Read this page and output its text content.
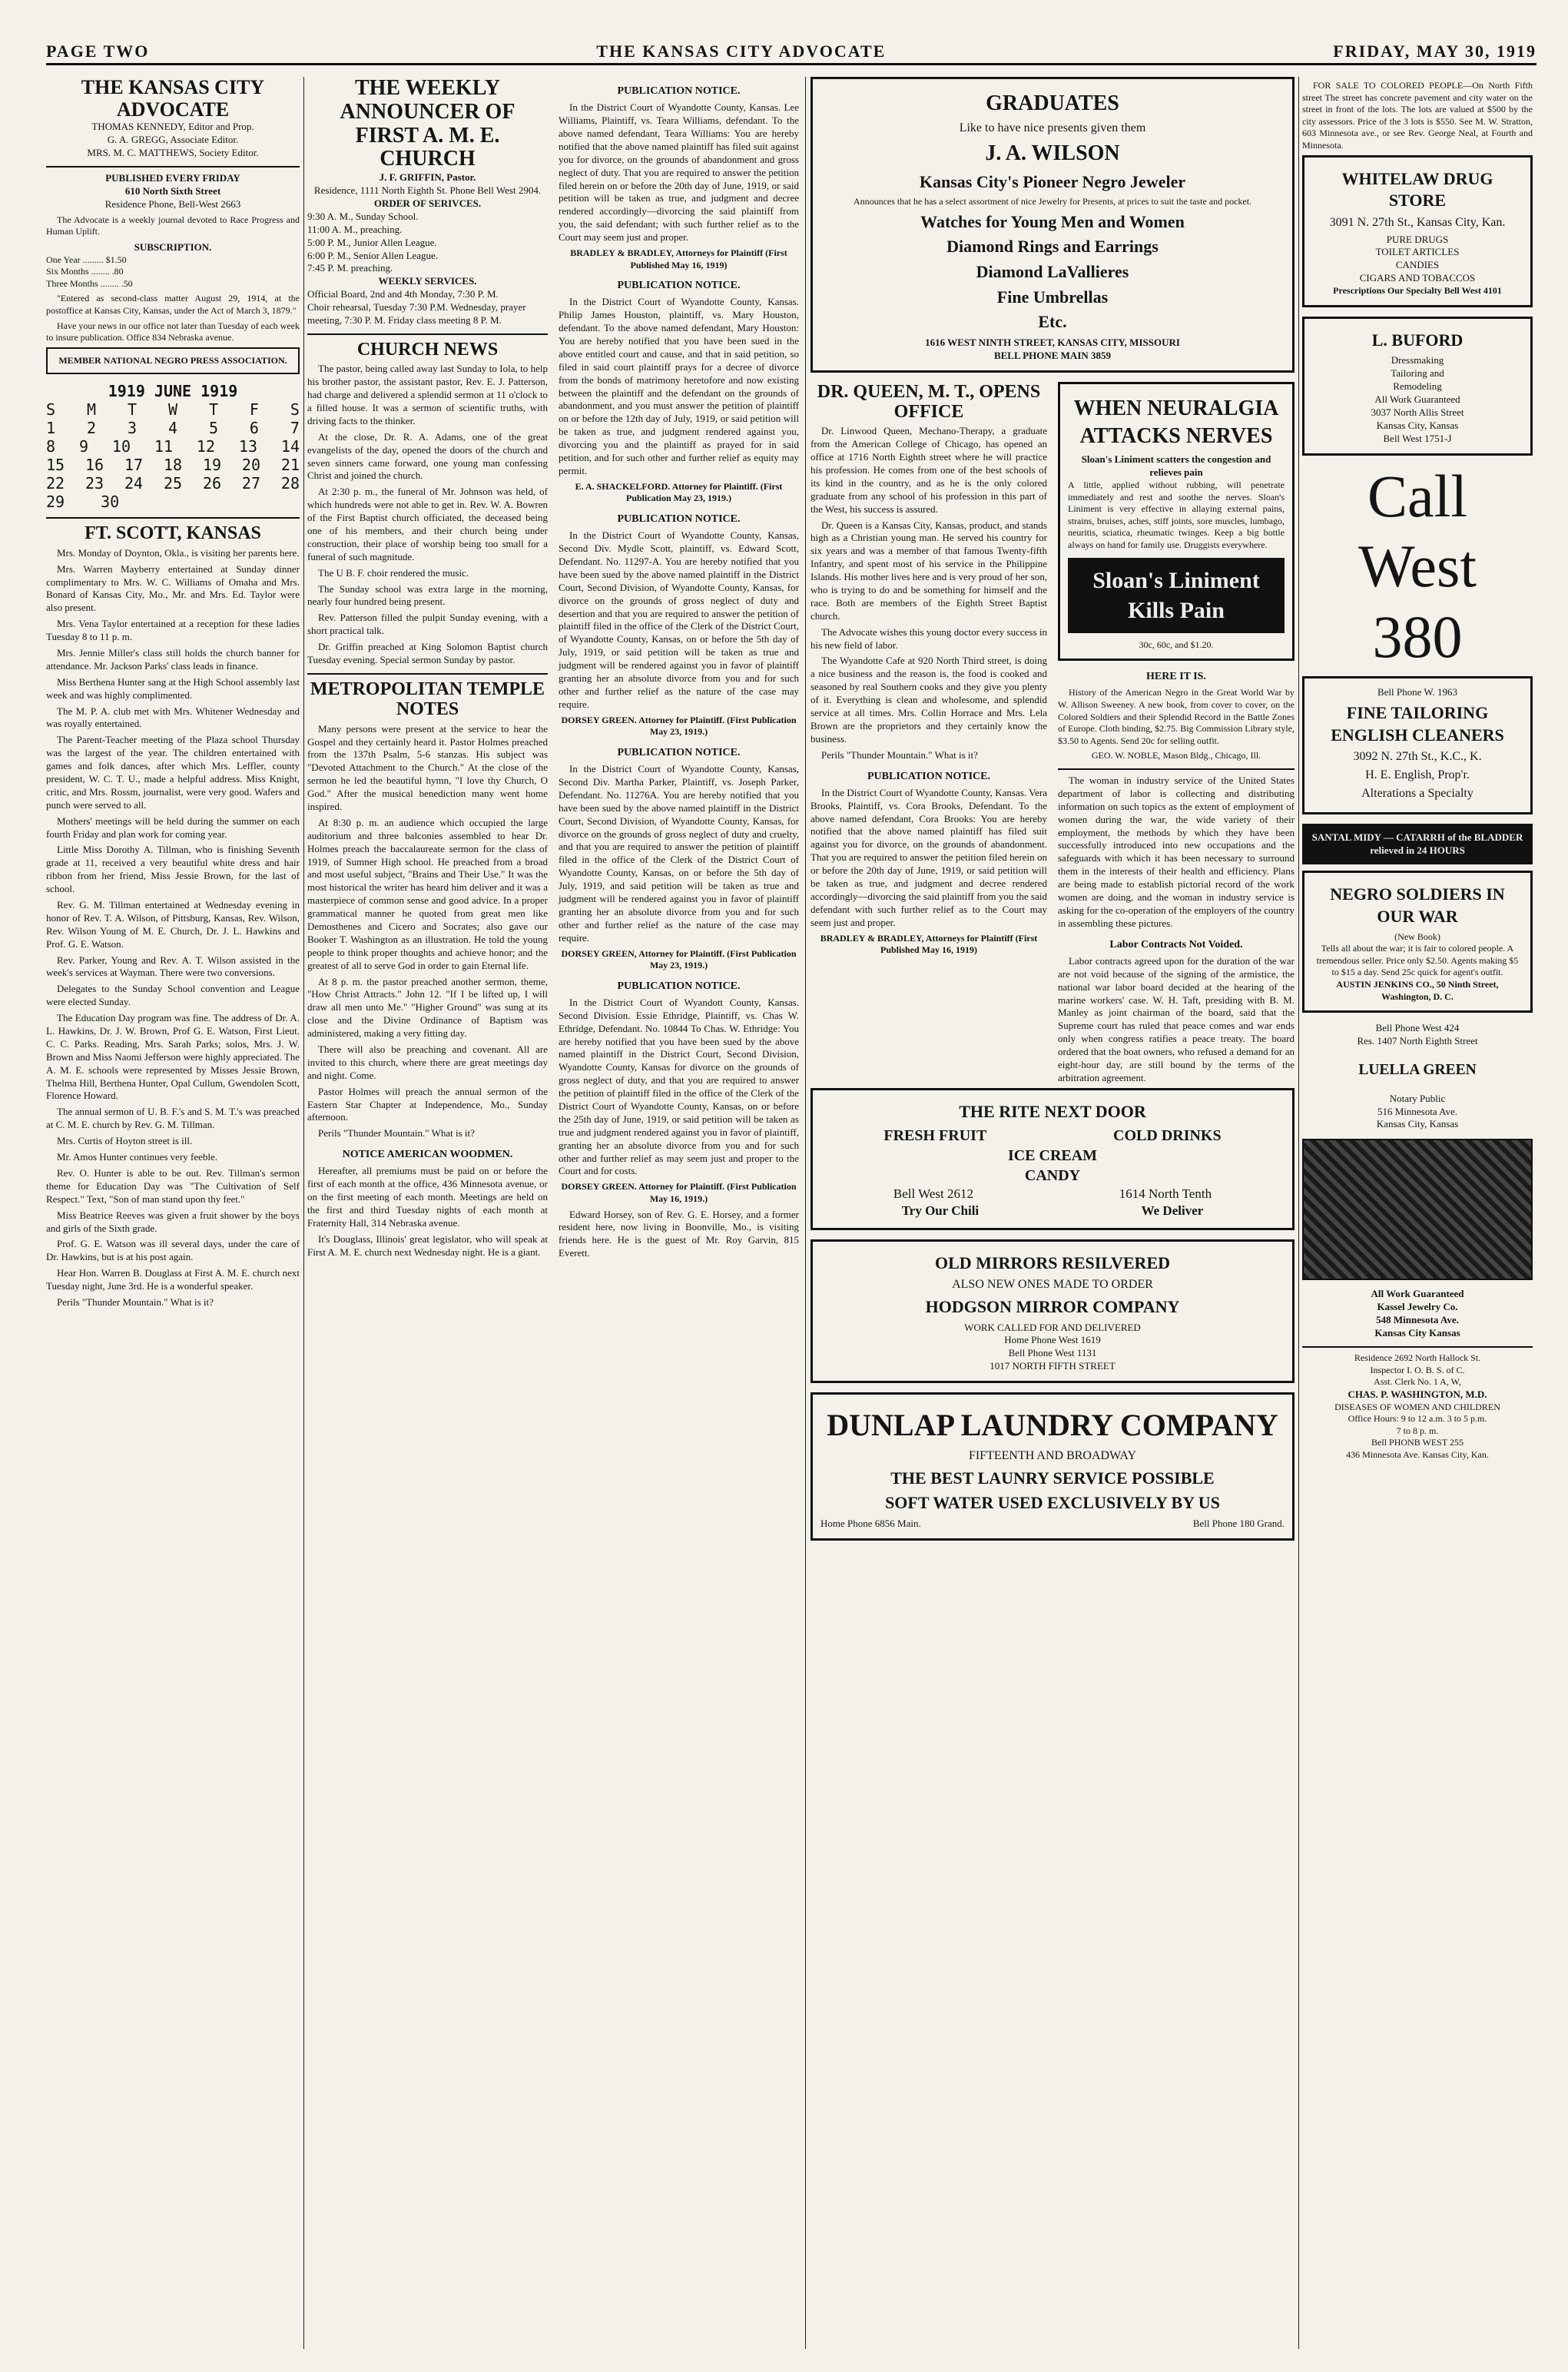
PAGE TWO	THE KANSAS CITY ADVOCATE	FRIDAY, MAY 30, 1919
THE KANSAS CITY ADVOCATE
THOMAS KENNEDY, Editor and Prop.
G. A. GREGG, Associate Editor.
MRS. M. C. MATTHEWS, Society Editor.
PUBLISHED EVERY FRIDAY
610 North Sixth Street
Residence Phone, Bell-West 2663

The Advocate is a weekly journal devoted to Race Progress and Human Uplift.

SUBSCRIPTION.
One Year ......... $1.50
Six Months ........ .80
Three Months ........ .50

"Entered as second-class matter August 29, 1914, at the postoffice at Kansas City, Kansas, under the Act of March 3, 1879."

Have your news in our office not later than Tuesday of each week to insure publication. Office 834 Nebraska avenue.

MEMBER NATIONAL NEGRO PRESS ASSOCIATION.
1919 JUNE 1919
S M T W T F S
1 2 3 4 5 6 7
8 9 10 11 12 13 14
15 16 17 18 19 20 21
22 23 24 25 26 27 28
29 30
FT. SCOTT, KANSAS

Mrs. Monday of Doynton, Okla., is visiting her parents here.

Mrs. Warren Mayberry entertained at Sunday dinner complimentary to Mrs. W. C. Williams of Omaha and Mrs. Bonard of Kansas City, Mo., Mr. and Mrs. Ed. Taylor were also present.

Mrs. Vena Taylor entertained at a reception for these ladies Tuesday 8 to 11 p. m.

Mrs. Jennie Miller's class still holds the church banner for attendance. Mr. Jackson Parks' class leads in finance.

Miss Berthena Hunter sang at the High School assembly last week and was highly complimented.

The M. P. A. club met with Mrs. Whitener Wednesday and was royally entertained.

The Parent-Teacher meeting of the Plaza school Thursday was the largest of the year. The children entertained with games and folk dances, after which Mrs. Leffler, county president, W. C. T. U., made a helpful address. Miss Knight, critic, and Mrs. Rossm, journalist, were very good. Wafers and punch were served to all.

Mothers' meetings will be held during the summer on each fourth Friday and plan work for coming year.

Little Miss Dorothy A. Tillman, who is finishing Seventh grade at 11, received a very beautiful white dress and hair ribbon from her friend, Miss Jessie Brown, for the last of school.

Rev. G. M. Tillman entertained at Wednesday evening in honor of Rev. T. A. Wilson, of Pittsburg, Kansas, Rev. Wilson, Rev. Wilson Young of M. E. Church, Dr. J. L. Hawkins and Prof. G. E. Watson.

Rev. Parker, Young and Rev. A. T. Wilson assisted in the week's services at Wayman. There were two conversions.

Delegates to the Sunday School convention and League were elected Sunday.

The Education Day program was fine. The address of Dr. A. L. Hawkins, Dr. J. W. Brown, Prof G. E. Watson, First Lieut. C. C. Parks. Reading, Mrs. Sarah Parks; solos, Mrs. J. W. Brown and Miss Naomi Jefferson were highly appreciated. The A. M. E. schools were represented by Misses Jessie Brown, Thelma Hill, Berthena Hunter, Opal Cullum, Gwendolen Scott, Florence Howard.

The annual sermon of U. B. F.'s and S. M. T.'s was preached at C. M. E. church by Rev. G. M. Tillman.

Mrs. Curtis of Hoyton street is ill.

Mr. Amos Hunter continues very feeble.

Rev. O. Hunter is able to be out. Rev. Tillman's sermon theme for Education Day was "The Cultivation of Self Respect." Text, "Son of man stand upon thy feet."

Miss Beatrice Reeves was given a fruit shower by the boys and girls of the Sixth grade.

Prof. G. E. Watson was ill several days, under the care of Dr. Hawkins, but is at his post again.

Hear Hon. Warren B. Douglass at First A. M. E. church next Tuesday night, June 3rd. He is a wonderful speaker.

Perils "Thunder Mountain." What is it?

THE WEEKLY ANNOUNCER OF FIRST A. M. E. CHURCH
J. F. GRIFFIN, Pastor.
Residence, 1111 North Eighth St. Phone Bell West 2904.
ORDER OF SERIVCES.
9:30 A. M., Sunday School.
11:00 A. M., preaching.
5:00 P. M., Junior Allen League.
6:00 P. M., Senior Allen League.
7:45 P. M. preaching.
WEEKLY SERVICES.
Official Board, 2nd and 4th Monday, 7:30 P. M.
Choir rehearsal, Tuesday 7:30 P.M. Wednesday, prayer meeting, 7:30 P. M. Friday class meeting 8 P. M.
CHURCH NEWS

The pastor, being called away last Sunday to Iola, to help his brother pastor, the assistant pastor, Rev. E. J. Patterson, had charge and delivered a splendid sermon at 11 o'clock to a filled house. It was a sermon of scientific truths, with driving facts to the thinker.

At the close, Dr. R. A. Adams, one of the great evangelists of the day, opened the doors of the church and seven sinners came forward, one young man confessing Christ and joined the church.

At 2:30 p. m., the funeral of Mr. Johnson was held, of which hundreds were not able to get in. Rev. W. A. Bowren of the First Baptist church officiated, the deceased being one of his members, and their church being under construction, their place of worship being too small for a funeral of such magnitude.

The U B. F. choir rendered the music.

The Sunday school was extra large in the morning, nearly four hundred being present.

Rev. Patterson filled the pulpit Sunday evening, with a short practical talk.

Dr. Griffin preached at King Solomon Baptist church Tuesday evening. Special sermon Sunday by pastor.

METROPOLITAN TEMPLE NOTES

Many persons were present at the service to hear the Gospel and they certainly heard it. Pastor Holmes preached from the 137th Psalm, 5-6 stanzas. His subject was "Devoted Attachment to the Church." At the close of the sermon he led the beautiful hymn, "I love thy Church, O God." After the musical benediction many went home inspired.

At 8:30 p. m. an audience which occupied the large auditorium and three balconies assembled to hear Dr. Holmes preach the baccalaureate sermon for the class of 1919, of Sumner High school. He preached from a broad and most useful subject, "Brains and Their Use." It was the most historical the writer has heard him deliver and it was a masterpiece of common sense and good advice. In a proper grammatical manner he quoted from great men like Demosthenes and Cicero and Socrates; also gave our Booker T. Washington as an illustration. He told the young people to think proper thoughts and achieve honor; and the greatest of all to serve God in order to gain Eternal life.

At 8 p. m. the pastor preached another sermon, theme, "How Christ Attracts." John 12. "If I be lifted up, I will draw all men unto Me." "Higher Ground" was sung at its close and the Divine Ordinance of Baptism was administered, making a very fitting day.

There will also be preaching and covenant. All are invited to this church, where there are great meetings day and night. Come.

Pastor Holmes will preach the annual sermon of the Eastern Star Chapter at Independence, Mo., Sunday afternoon.

Perils "Thunder Mountain." What is it?

NOTICE AMERICAN WOODMEN.

Hereafter, all premiums must be paid on or before the first of each month at the office, 436 Minnesota avenue, or on the first meeting of each month. Meetings are held on the first and third Tuesday nights of each month at Fraternity Hall, 314 Nebraska avenue.

It's Douglass, Illinois' great legislator, who will speak at First A. M. E. church next Wednesday night. He is a giant.

PUBLICATION NOTICE.

In the District Court of Wyandotte County, Kansas. Lee Williams, Plaintiff, vs. Teara Williams, defendant. To the above named defendant, Teara Williams: You are hereby notified that the above named plaintiff has filed suit against you for divorce, on the grounds of abandonment and gross neglect of duty. That you are required to answer the petition filed herein on or before the 20th day of June, 1919, or said petition will be taken as true, and judgment and decree rendered accordingly—divorcing the said plaintiff from you, the said defendant; with such further relief as to the Court may seem just and proper.

BRADLEY & BRADLEY, Attorneys for Plaintiff (First Published May 16, 1919)
PUBLICATION NOTICE.

In the District Court of Wyandotte County, Kansas. Philip James Houston, plaintiff, vs. Mary Houston, defendant. To the above named defendant, Mary Houston: You are hereby notified that you have been sued in the above entitled court and cause, and that in said petition, so filed in said court plaintiff prays for a decree of divorce from the bonds of matrimony heretofore and now existing between the plaintiff and the defendant on the grounds of abandonment, and you must answer the petition of plaintiff on or before the 12th day of July, 1919, or said petition will be taken as true, and judgment rendered against you, divorcing you and the plaintiff as prayed for in said petition, and for such other and further relief as equity may permit.

E. A. SHACKELFORD. Attorney for Plaintiff. (First Publication May 23, 1919.)
PUBLICATION NOTICE.

In the District Court of Wyandotte County, Kansas, Second Div. Mydle Scott, plaintiff, vs. Edward Scott, Defendant. No. 11297-A. You are hereby notified that you have been sued by the above named plaintiff in the District Court, Second Division, of Wyandotte County, Kansas, for divorce on the grounds of gross neglect of duty and desertion and that you are required to answer the petition of plaintiff filed in the office of the Clerk of the District Court, of Wyandotte County, Kansas, on or before the 5th day of July, 1919, or said petition will be taken as true and judgment will be rendered against you in favor of plaintiff granting her an absolute divorce from you and for such other and further relief as the nature of the case may require.

DORSEY GREEN. Attorney for Plaintiff. (First Publication May 23, 1919.)
PUBLICATION NOTICE.

In the District Court of Wyandotte County, Kansas, Second Div. Martha Parker, Plaintiff, vs. Joseph Parker, Defendant. No. 11276A. You are hereby notified that you have been sued by the above named plaintiff in the District Court, Second Division, of Wyandotte County, Kansas, for divorce on the grounds of gross neglect of duty and cruelty, and that you are required to answer the petition of plaintiff filed in the office of the Clerk of the District Court of Wyandotte County, Kansas, on or before the 5th day of July, 1919, and said petition will be taken as true and judgment will be rendered against you in favor of plaintiff granting her an absolute divorce from you and for such other and further relief as the nature of the case may require.

DORSEY GREEN, Attorney for Plaintiff. (First Publication May 23, 1919.)
PUBLICATION NOTICE.

In the District Court of Wyandott County, Kansas. Second Division. Essie Ethridge, Plaintiff, vs. Chas W. Ethridge, Defendant. No. 10844 To Chas. W. Ethridge: You are hereby notified that you have been sued by the above named plaintiff in the District Court, Second Division, Wyandotte County, Kansas for divorce on the grounds of gross neglect of duty, and that you are required to answer the petition of plaintiff filed in the office of the Clerk of the District Court of Wyandotte County, Kansas, on or before the 25th day of June, 1919, or said petition will be taken as true and judgment rendered against you in favor of plaintiff, granting her an absolute divorce from you and for such other and further relief as may seem just and proper to the Court and for costs.

DORSEY GREEN. Attorney for Plaintiff. (First Publication May 16, 1919.)

Edward Horsey, son of Rev. G. E. Horsey, and a former resident here, now living in Boonville, Mo., is visiting friends here. He is the guest of Mr. Roy Garvin, 815 Everett.

GRADUATES
Like to have nice presents given them
J. A. WILSON
Kansas City's Pioneer Negro Jeweler
Announces that he has a select assortment of nice Jewelry for Presents, at prices to suit the taste and pocket.
Watches for Young Men and Women
Diamond Rings and Earrings
Diamond LaVallieres
Fine Umbrellas
Etc.
1616 WEST NINTH STREET, KANSAS CITY, MISSOURI
BELL PHONE MAIN 3859
DR. QUEEN, M. T., OPENS OFFICE

Dr. Linwood Queen, Mechano-Therapy, a graduate from the American College of Chicago, has opened an office at 1716 North Eighth street where he will practice his profession. He comes from one of the best schools of its kind in the country, and as he is the only colored graduate from any school of his profession in this part of the West, his success is assured.

Dr. Queen is a Kansas City, Kansas, product, and stands high as a Christian young man. He served his country for six years and was a member of that famous Twenty-fifth Infantry, and spent most of his service in the Philippine Islands. His mother lives here and is very proud of her son, who is trying to do and be something for himself and the race. Both are members of the Eighth Street Baptist church.

The Advocate wishes this young doctor every success in his new field of labor.

The Wyandotte Cafe at 920 North Third street, is doing a nice business and the reason is, the food is cooked and seasoned by real Southern cooks and they give you plenty of it. Everything is clean and wholesome, and splendid service at all times. Mrs. Collin Horrace and Mrs. Lela Brown are the proprietors and they certainly know the business.

Perils "Thunder Mountain." What is it?

PUBLICATION NOTICE.

In the District Court of Wyandotte County, Kansas. Vera Brooks, Plaintiff, vs. Cora Brooks, Defendant. To the above named defendant, Cora Brooks: You are hereby notified that the above named plaintiff has filed suit against you for divorce, on the grounds of abandonment. That you are required to answer the petition filed herein on or before the 20th day of June, 1919, or said petition will be taken as true, and judgment and decree rendered accordingly—divorcing the said plaintiff from you the said defendant with such further relief as to the Court may seem just and proper.

BRADLEY & BRADLEY, Attorneys for Plaintiff (First Published May 16, 1919)
WHEN NEURALGIA ATTACKS NERVES
Sloan's Liniment scatters the congestion and relieves pain
A little, applied without rubbing, will penetrate immediately and rest and soothe the nerves. Sloan's Liniment is very effective in allaying external pains, strains, bruises, aches, stiff joints, sore muscles, lumbago, neuritis, sciatica, rheumatic twinges. Keep a big bottle always on hand for family use. Druggists everywhere.
Sloan's Liniment Kills Pain
30c, 60c, and $1.20.
HERE IT IS.

History of the American Negro in the Great World War by W. Allison Sweeney. A new book, from cover to cover, on the Colored Soldiers and their Splendid Record in the Battle Zones of Europe. Cloth binding, $2.75. Big Commission Library style, $3.50 to Agents. Send 20c for selling outfit.

GEO. W. NOBLE, Mason Bldg., Chicago, Ill.

The woman in industry service of the United States department of labor is collecting and distributing information on such topics as the extent of employment of women during the war, the wide variety of their employment, the methods by which they have been successfully introduced into new occupations and the safeguards with which it has been necessary to surround them in the interests of their health and efficiency. Plans are being made to establish pictorial record of the work women are doing, and the woman in industry service is asking for the co-operation of the employers of the country in assembling these pictures.

Labor Contracts Not Voided.

Labor contracts agreed upon for the duration of the war are not void because of the signing of the armistice, the national war labor board decided at the hearing of the marine workers' case. W. H. Taft, presiding with B. M. Manley as joint chairman of the board, said that the Supreme court has ruled that peace comes and war ends only when congress ratifies a peace treaty. The board ordered that the boat owners, who refused a demand for an eight-hour day, are still bound by the terms of the arbitration agreement.

THE RITE NEXT DOOR
FRESH FRUIT	COLD DRINKS
ICE CREAM
CANDY
Bell West 2612	1614 North Tenth
Try Our Chili	We Deliver
OLD MIRRORS RESILVERED
ALSO NEW ONES MADE TO ORDER
HODGSON MIRROR COMPANY
WORK CALLED FOR AND DELIVERED
Home Phone West 1619
Bell Phone West 1131
1017 NORTH FIFTH STREET
DUNLAP LAUNDRY COMPANY
FIFTEENTH AND BROADWAY
THE BEST LAUNRY SERVICE POSSIBLE
SOFT WATER USED EXCLUSIVELY BY US
Home Phone 6856 Main.	Bell Phone 180 Grand.

FOR SALE TO COLORED PEOPLE—On North Fifth street The street has concrete pavement and city water on the street in front of the lots. The lots are valued at $500 by the city assessors. Price of the 3 lots is $550. See M. W. Stratton, 603 Minnesota ave., or see Rev. George Neal, at Fourth and Minnesota.

WHITELAW DRUG STORE
3091 N. 27th St., Kansas City, Kan.
PURE DRUGS
TOILET ARTICLES
CANDIES
CIGARS AND TOBACCOS
Prescriptions Our Specialty Bell West 4101
L. BUFORD
Dressmaking
Tailoring and
Remodeling
All Work Guaranteed
3037 North Allis Street
Kansas City, Kansas
Bell West 1751-J
Call
West
380
Bell Phone W. 1963
FINE TAILORING ENGLISH CLEANERS
3092 N. 27th St., K.C., K.
H. E. English, Prop'r.
Alterations a Specialty
SANTAL MIDY — CATARRH of the BLADDER relieved in 24 HOURS
NEGRO SOLDIERS IN OUR WAR
(New Book)
Tells all about the war; it is fair to colored people. A tremendous seller. Price only $2.50. Agents making $5 to $15 a day. Send 25c quick for agent's outfit.
AUSTIN JENKINS CO., 50 Ninth Street, Washington, D. C.
Bell Phone West 424
Res. 1407 North Eighth Street
LUELLA GREEN
Notary Public
516 Minnesota Ave.
Kansas City, Kansas
All Work Guaranteed
Kassel Jewelry Co.
548 Minnesota Ave.
Kansas City Kansas
Residence 2692 North Hallock St.
Inspector I. O. B. S. of C.
Asst. Clerk No. 1 A, W,
CHAS. P. WASHINGTON, M.D.
DISEASES OF WOMEN AND CHILDREN
Office Hours: 9 to 12 a.m. 3 to 5 p.m.
7 to 8 p. m.
Bell PHONB WEST 255
436 Minnesota Ave. Kansas City, Kan.
